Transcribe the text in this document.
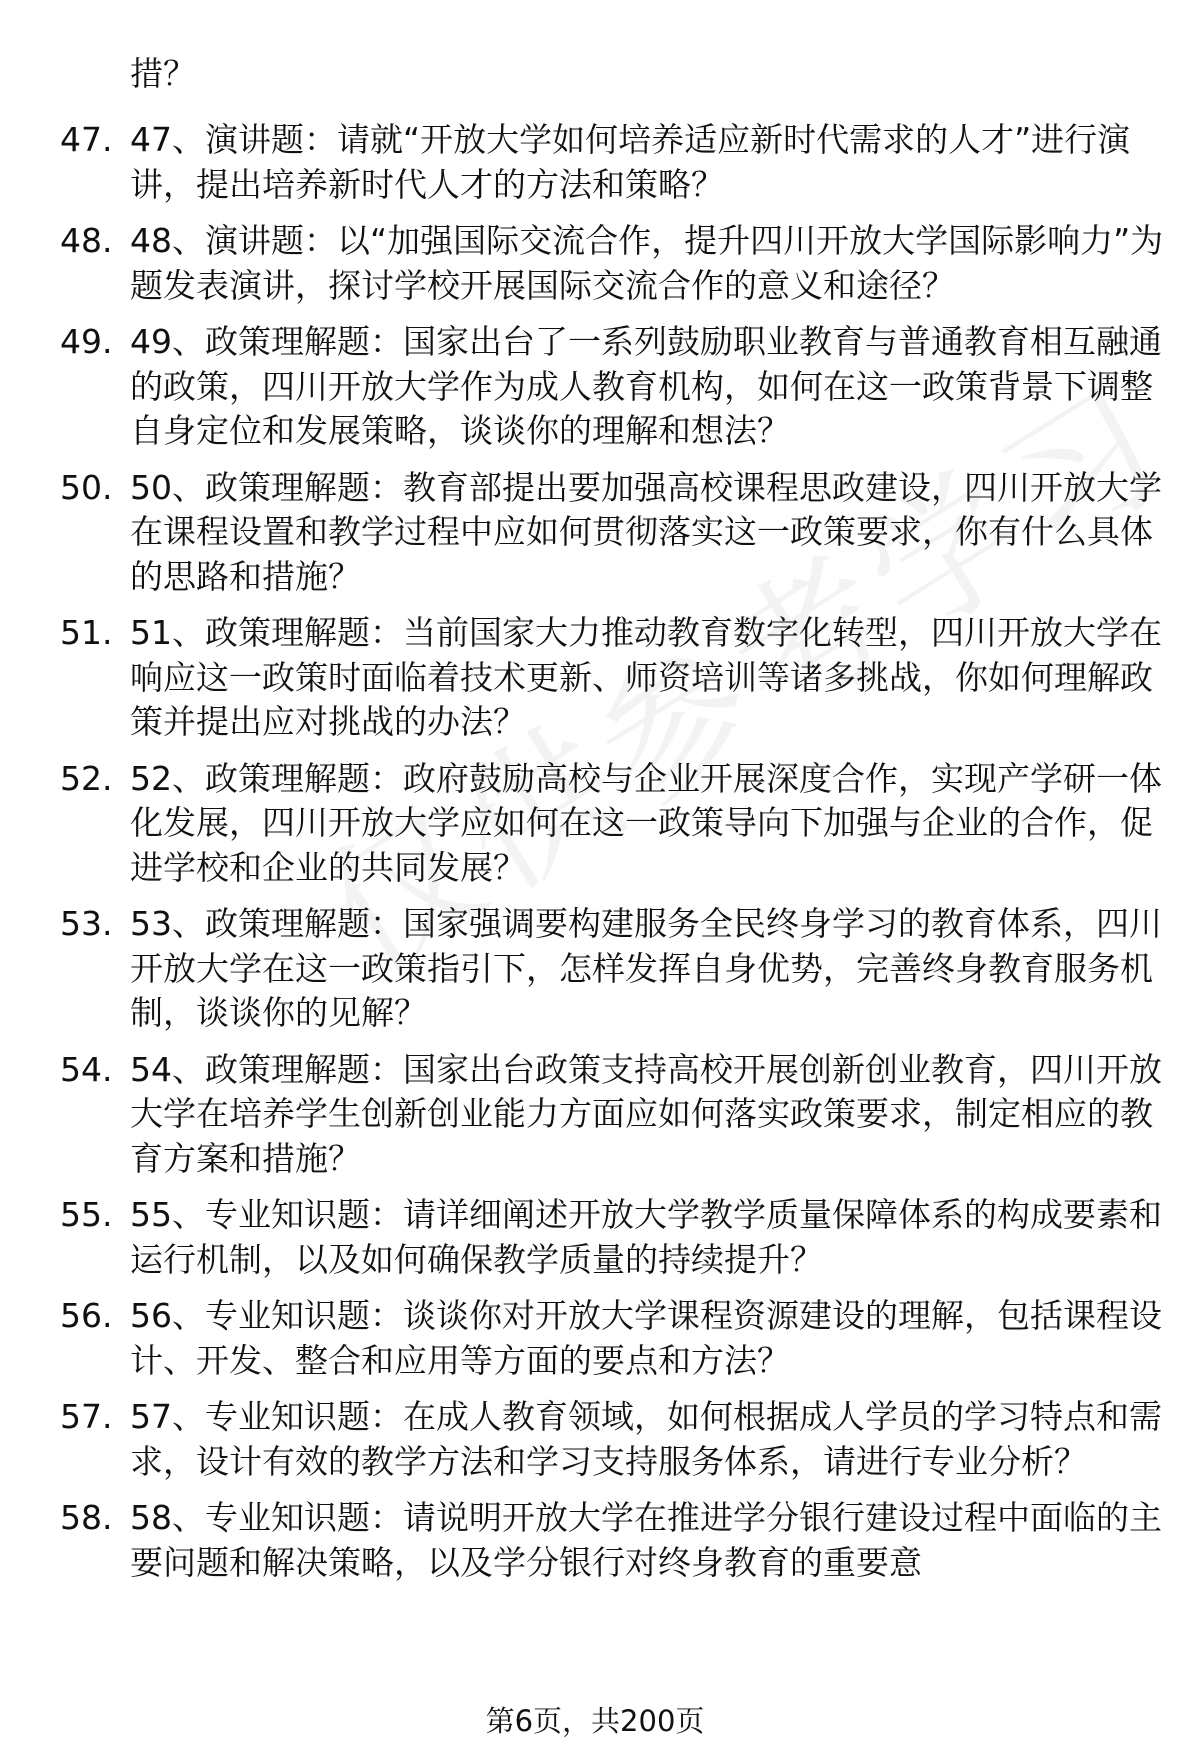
措？
47. 47、演讲题：请就“开放大学如何培养适应新时代需求的人才”进行演讲，提出培养新时代人才的方法和策略？
48. 48、演讲题：以“加强国际交流合作，提升四川开放大学国际影响力”为题发表演讲，探讨学校开展国际交流合作的意义和途径？
49. 49、政策理解题：国家出台了一系列鼓励职业教育与普通教育相互融通的政策，四川开放大学作为成人教育机构，如何在这一政策背景下调整自身定位和发展策略，谈谈你的理解和想法？
50. 50、政策理解题：教育部提出要加强高校课程思政建设，四川开放大学在课程设置和教学过程中应如何贯彻落实这一政策要求，你有什么具体的思路和措施？
51. 51、政策理解题：当前国家大力推动教育数字化转型，四川开放大学在响应这一政策时面临着技术更新、师资培训等诸多挑战，你如何理解政策并提出应对挑战的办法？
52. 52、政策理解题：政府鼓励高校与企业开展深度合作，实现产学研一体化发展，四川开放大学应如何在这一政策导向下加强与企业的合作，促进学校和企业的共同发展？
53. 53、政策理解题：国家强调要构建服务全民终身学习的教育体系，四川开放大学在这一政策指引下，怎样发挥自身优势，完善终身教育服务机制，谈谈你的见解？
54. 54、政策理解题：国家出台政策支持高校开展创新创业教育，四川开放大学在培养学生创新创业能力方面应如何落实政策要求，制定相应的教育方案和措施？
55. 55、专业知识题：请详细阐述开放大学教学质量保障体系的构成要素和运行机制，以及如何确保教学质量的持续提升？
56. 56、专业知识题：谈谈你对开放大学课程资源建设的理解，包括课程设计、开发、整合和应用等方面的要点和方法？
57. 57、专业知识题：在成人教育领域，如何根据成人学员的学习特点和需求，设计有效的教学方法和学习支持服务体系，请进行专业分析？
58. 58、专业知识题：请说明开放大学在推进学分银行建设过程中面临的主要问题和解决策略，以及学分银行对终身教育的重要意
第6页，共200页
